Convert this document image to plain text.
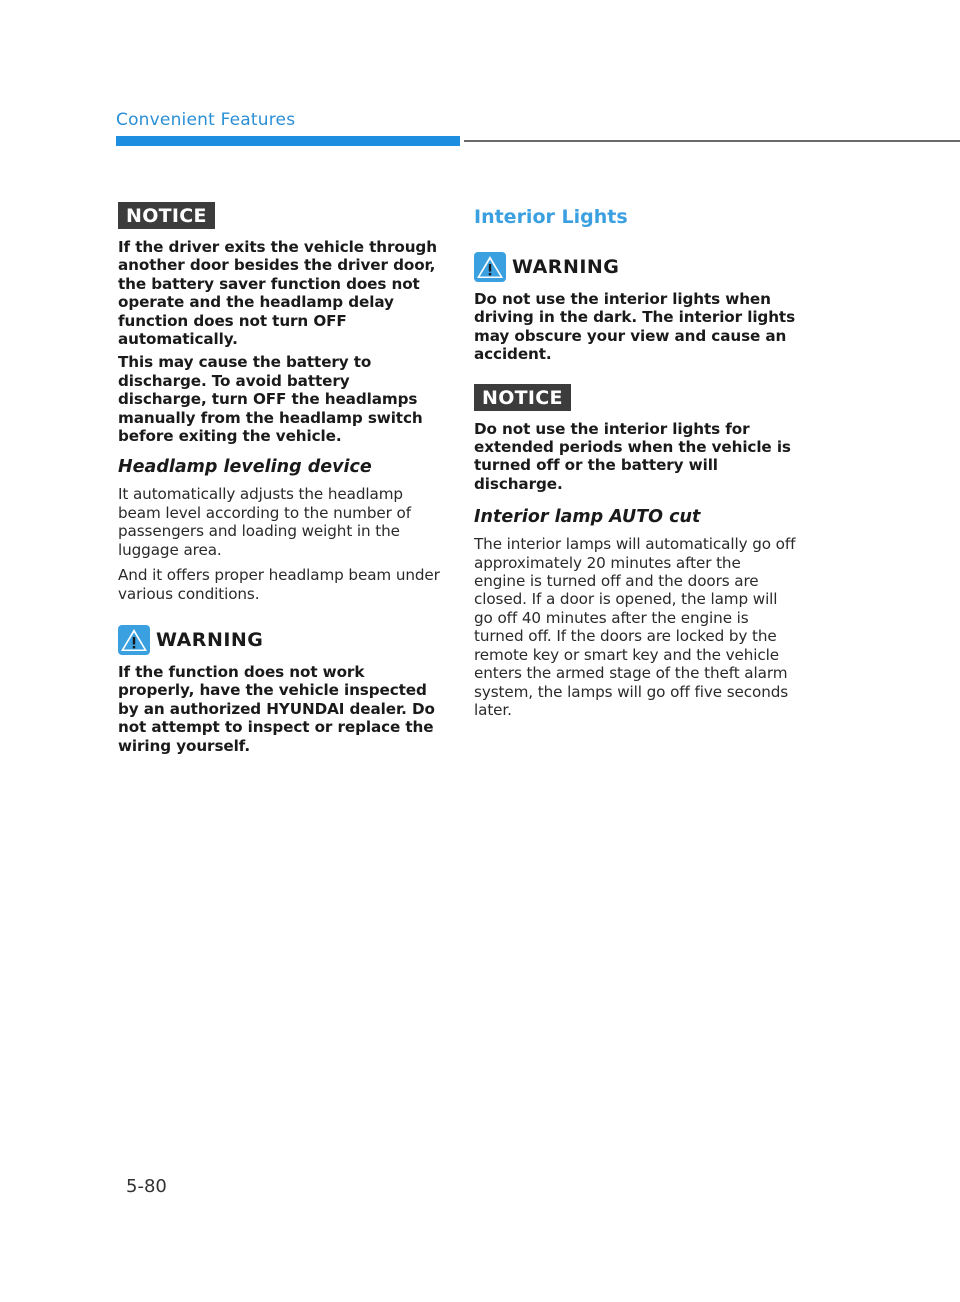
Convenient Features
NOTICE

If the driver exits the vehicle through another door besides the driver door, the battery saver function does not operate and the headlamp delay function does not turn OFF automatically.

This may cause the battery to discharge. To avoid battery discharge, turn OFF the headlamps manually from the headlamp switch before exiting the vehicle.

Headlamp leveling device

It automatically adjusts the headlamp beam level according to the number of passengers and loading weight in the luggage area.

And it offers proper headlamp beam under various conditions.

WARNING

If the function does not work properly, have the vehicle inspected by an authorized HYUNDAI dealer. Do not attempt to inspect or replace the wiring yourself.

Interior Lights
WARNING

Do not use the interior lights when driving in the dark. The interior lights may obscure your view and cause an accident.

NOTICE

Do not use the interior lights for extended periods when the vehicle is turned off or the battery will discharge.

Interior lamp AUTO cut

The interior lamps will automatically go off approximately 20 minutes after the engine is turned off and the doors are closed. If a door is opened, the lamp will go off 40 minutes after the engine is turned off. If the doors are locked by the remote key or smart key and the vehicle enters the armed stage of the theft alarm system, the lamps will go off five seconds later.

5-80
